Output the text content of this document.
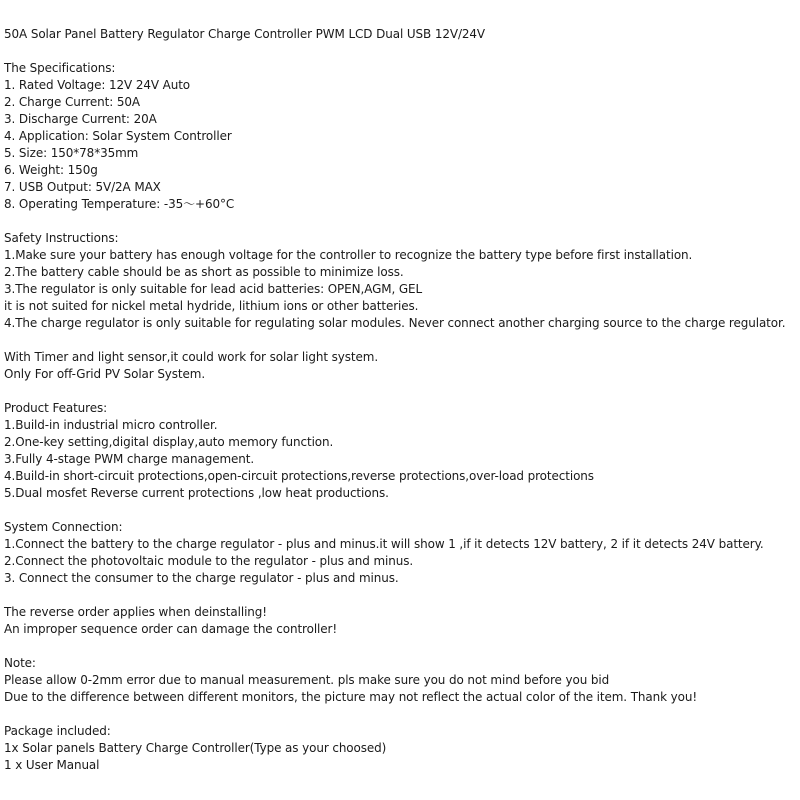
50A Solar Panel Battery Regulator Charge Controller PWM LCD Dual USB 12V/24V
The Specifications:
1. Rated Voltage: 12V 24V Auto
2. Charge Current: 50A
3. Discharge Current: 20A
4. Application: Solar System Controller
5. Size: 150*78*35mm
6. Weight: 150g
7. USB Output: 5V/2A MAX
8. Operating Temperature: -35～+60°C
Safety Instructions:
1.Make sure your battery has enough voltage for the controller to recognize the battery type before first installation.
2.The battery cable should be as short as possible to minimize loss.
3.The regulator is only suitable for lead acid batteries: OPEN,AGM, GEL
it is not suited for nickel metal hydride, lithium ions or other batteries.
4.The charge regulator is only suitable for regulating solar modules. Never connect another charging source to the charge regulator.
With Timer and light sensor,it could work for solar light system.
Only For off-Grid PV Solar System.
Product Features:
1.Build-in industrial micro controller.
2.One-key setting,digital display,auto memory function.
3.Fully 4-stage PWM charge management.
4.Build-in short-circuit protections,open-circuit protections,reverse protections,over-load protections
5.Dual mosfet Reverse current protections ,low heat productions.
System Connection:
1.Connect the battery to the charge regulator - plus and minus.it will show 1 ,if it detects 12V battery, 2 if it detects 24V battery.
2.Connect the photovoltaic module to the regulator - plus and minus.
3. Connect the consumer to the charge regulator - plus and minus.
The reverse order applies when deinstalling!
An improper sequence order can damage the controller!
Note:
Please allow 0-2mm error due to manual measurement. pls make sure you do not mind before you bid
Due to the difference between different monitors, the picture may not reflect the actual color of the item. Thank you!
Package included:
1x Solar panels Battery Charge Controller(Type as your choosed)
1 x User Manual
